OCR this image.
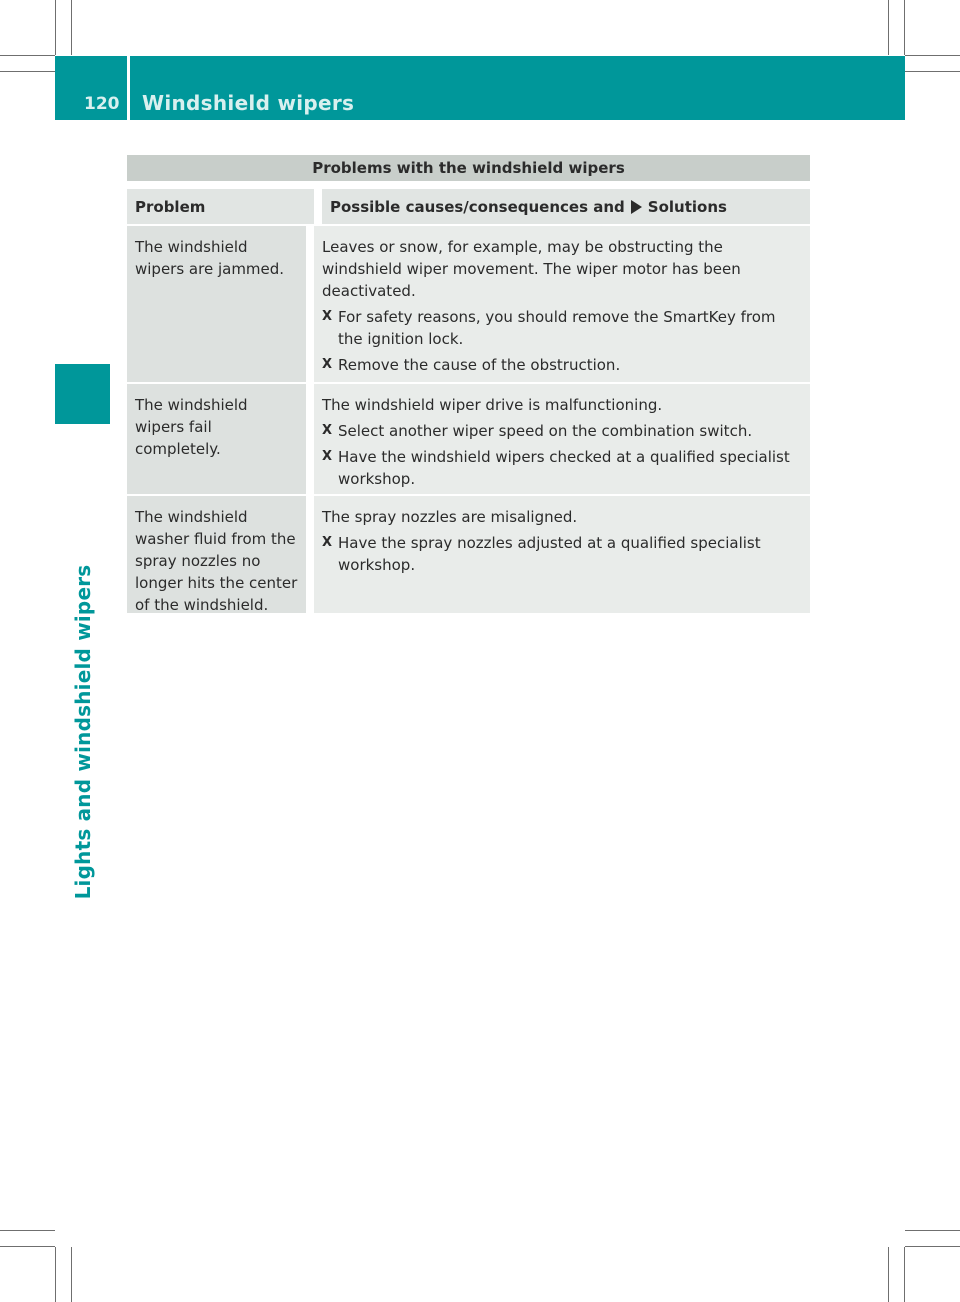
120 Windshield wipers
Lights and windshield wipers
Problems with the windshield wipers
Problem	Possible causes/consequences and Solutions
The windshield wipers are jammed.
Leaves or snow, for example, may be obstructing the windshield wiper movement. The wiper motor has been deactivated.
X For safety reasons, you should remove the SmartKey from the ignition lock.
X Remove the cause of the obstruction.
The windshield wipers fail completely.
The windshield wiper drive is malfunctioning.
X Select another wiper speed on the combination switch.
X Have the windshield wipers checked at a qualified specialist workshop.
The windshield washer fluid from the spray nozzles no longer hits the center of the windshield.
The spray nozzles are misaligned.
X Have the spray nozzles adjusted at a qualified specialist workshop.
